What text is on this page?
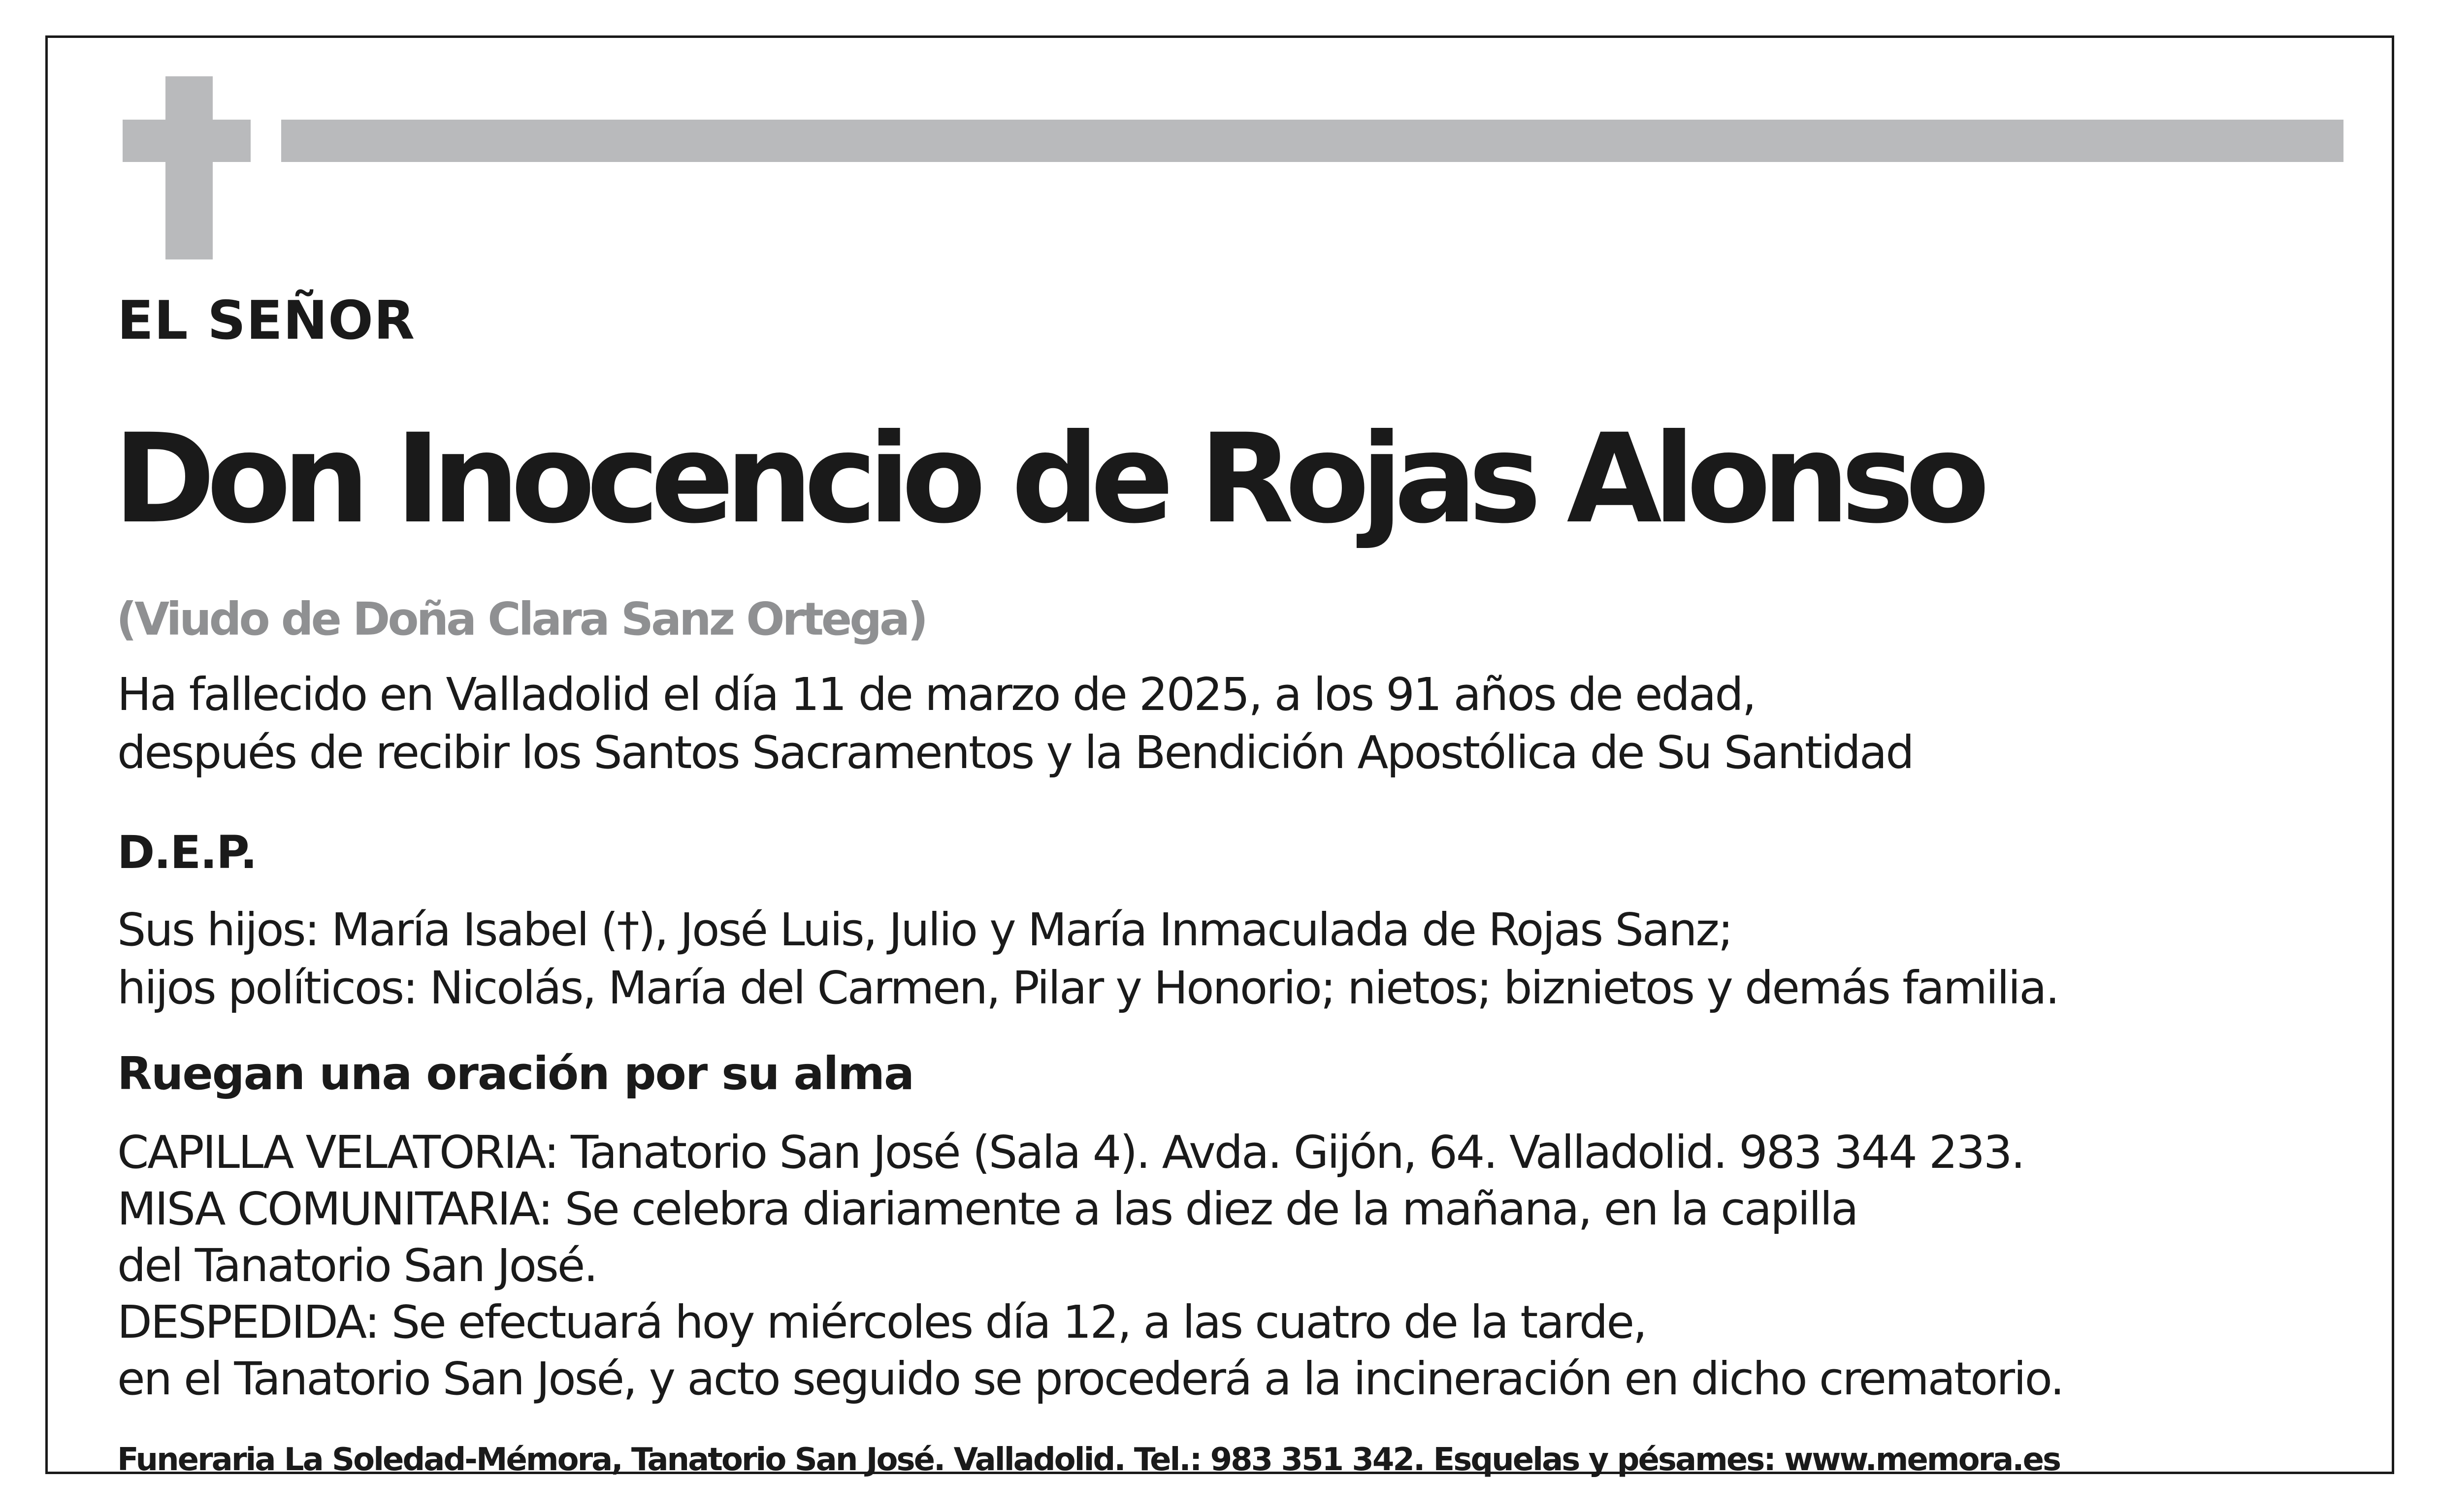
EL SEÑOR
Don Inocencio de Rojas Alonso
(Viudo de Doña Clara Sanz Ortega)
Ha fallecido en Valladolid el día 11 de marzo de 2025, a los 91 años de edad,
después de recibir los Santos Sacramentos y la Bendición Apostólica de Su Santidad
D.E.P.
Sus hijos: María Isabel (†), José Luis, Julio y María Inmaculada de Rojas Sanz;
hijos políticos: Nicolás, María del Carmen, Pilar y Honorio; nietos; biznietos y demás familia.
Ruegan una oración por su alma
CAPILLA VELATORIA: Tanatorio San José (Sala 4). Avda. Gijón, 64. Valladolid. 983 344 233.
MISA COMUNITARIA: Se celebra diariamente a las diez de la mañana, en la capilla
del Tanatorio San José.
DESPEDIDA: Se efectuará hoy miércoles día 12, a las cuatro de la tarde,
en el Tanatorio San José, y acto seguido se procederá a la incineración en dicho crematorio.
Funeraria La Soledad-Mémora, Tanatorio San José. Valladolid. Tel.: 983 351 342. Esquelas y pésames: www.memora.es
